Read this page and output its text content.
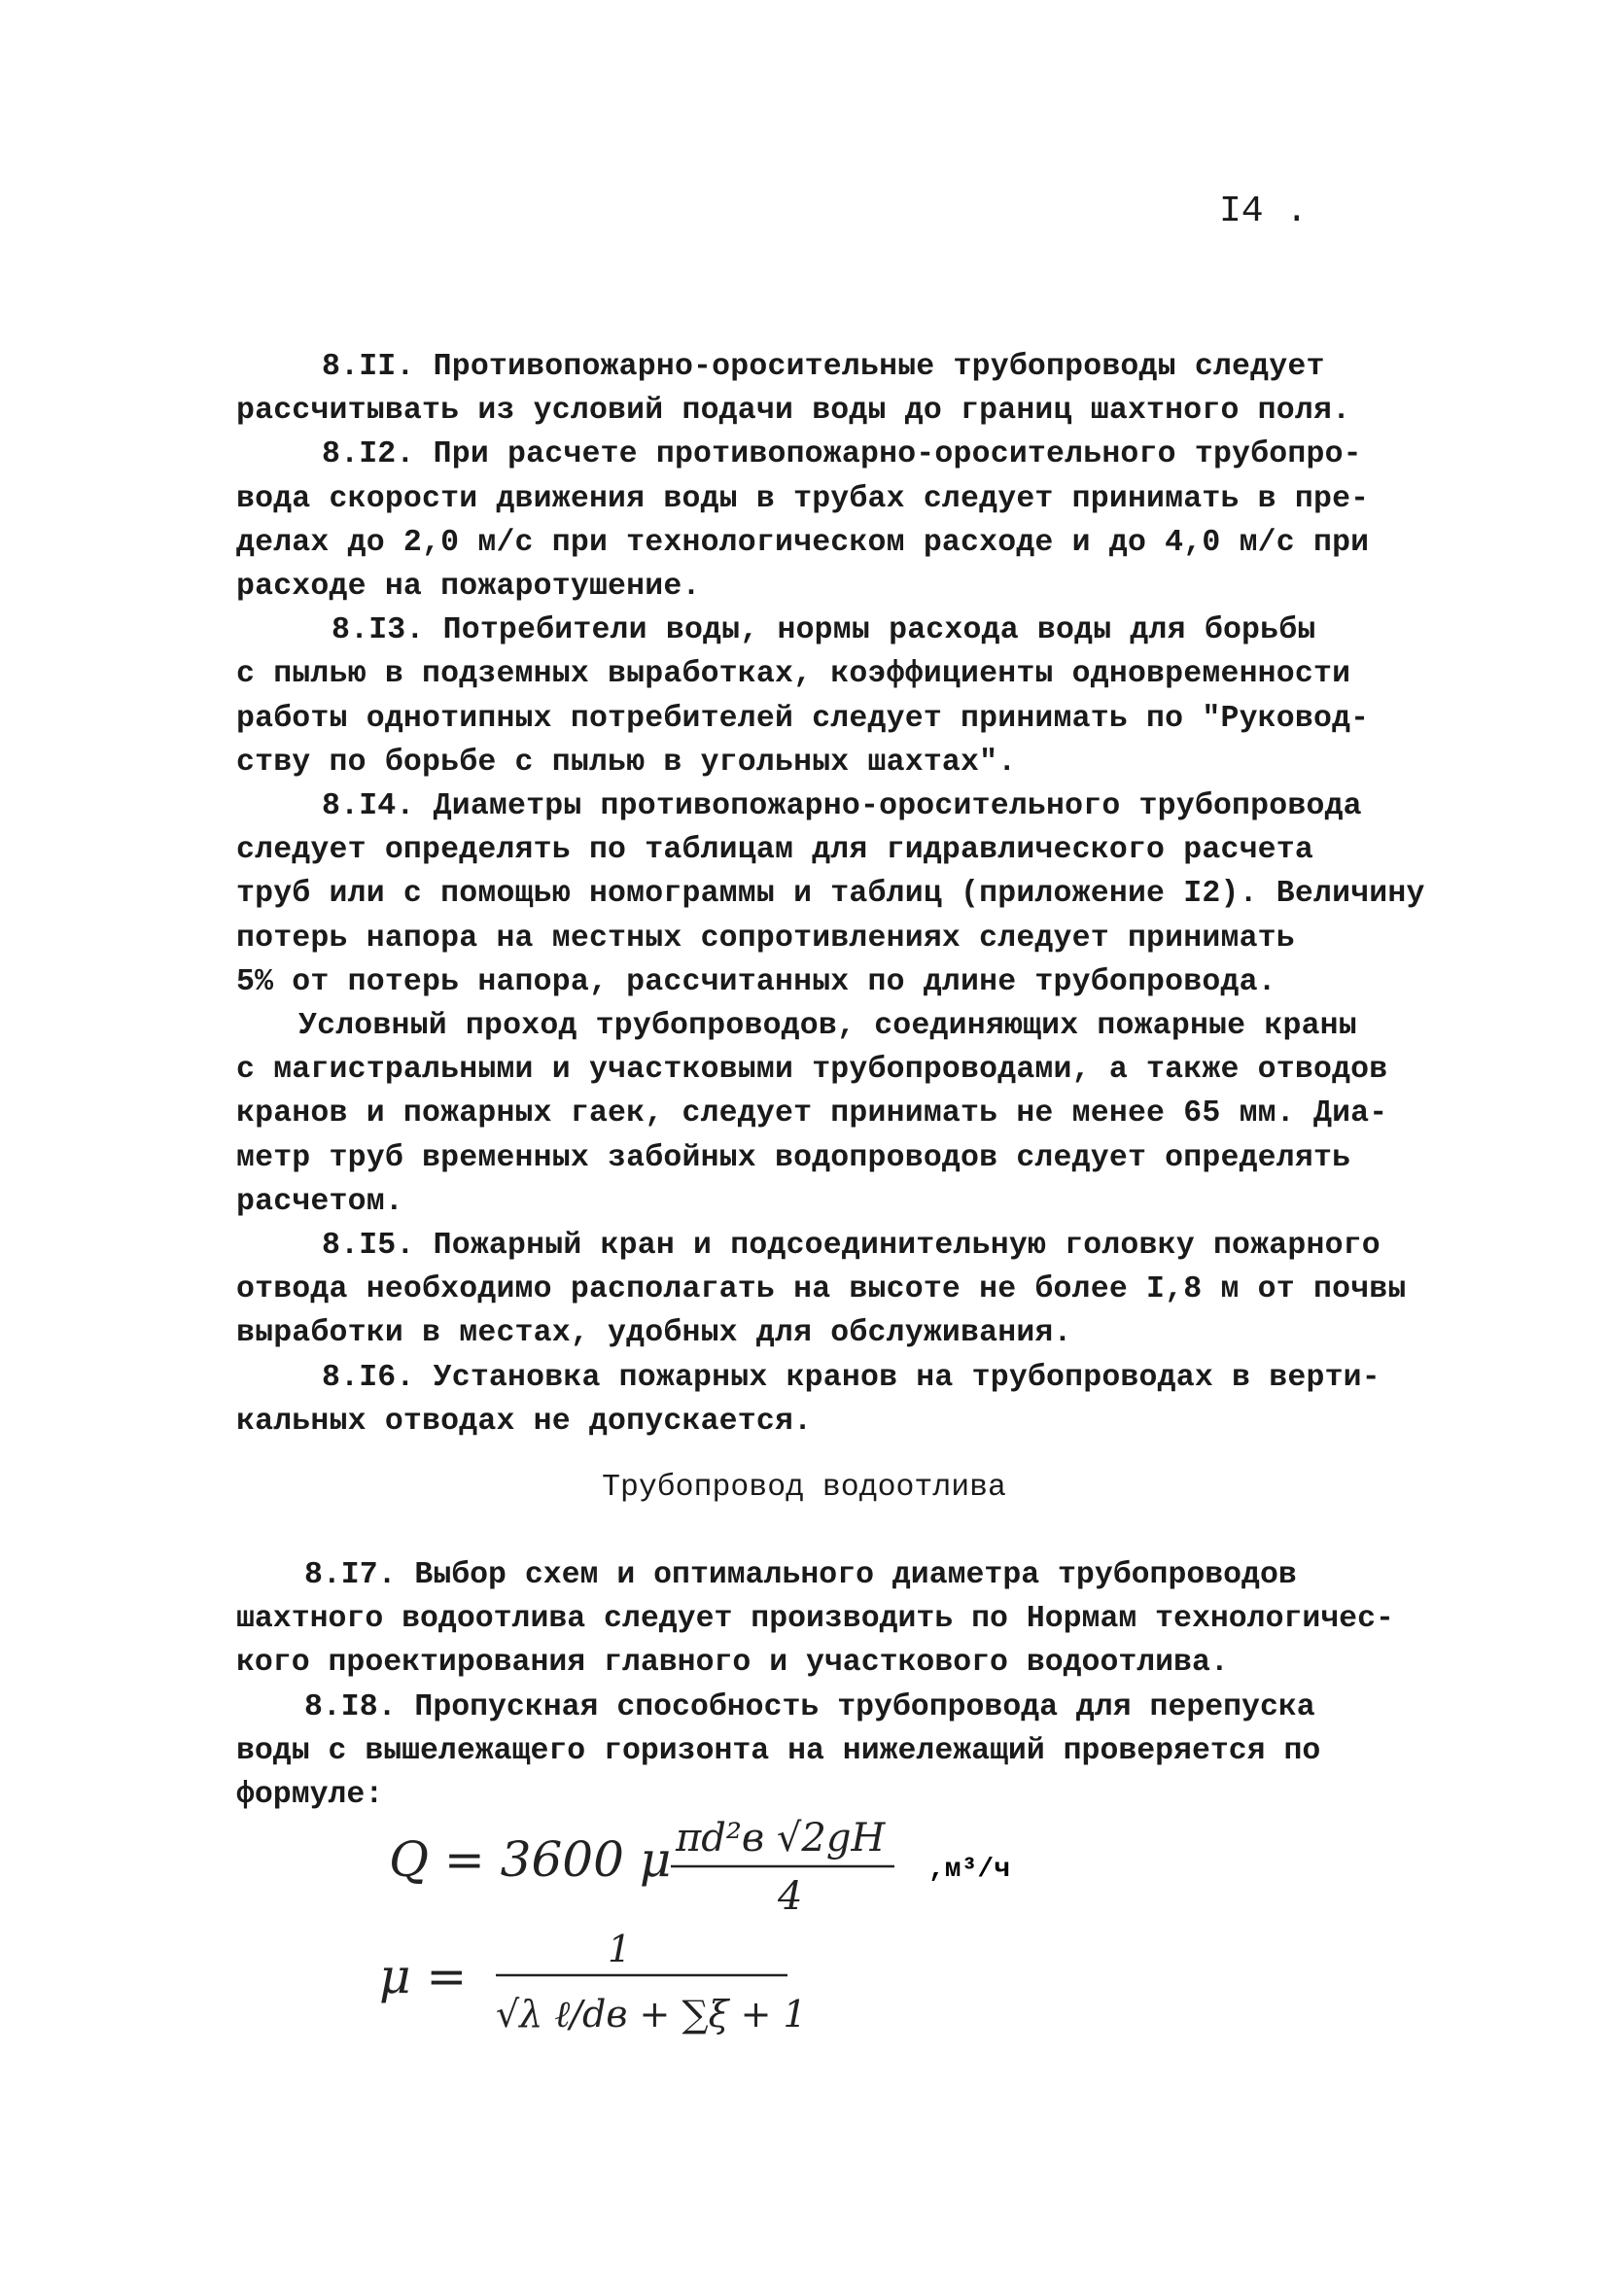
I4 .

8.II. Противопожарно-оросительные трубопроводы следует
рассчитывать из условий подачи воды до границ шахтного поля.

8.I2. При расчете противопожарно-оросительного трубопро-
вода скорости движения воды в трубах следует принимать в пре-
делах до 2,0 м/с при технологическом расходе и до 4,0 м/с при
расходе на пожаротушение.

8.I3. Потребители воды, нормы расхода воды для борьбы
с пылью в подземных выработках, коэффициенты одновременности
работы однотипных потребителей следует принимать по "Руковод-
ству по борьбе с пылью в угольных шахтах".

8.I4. Диаметры противопожарно-оросительного трубопровода
следует определять по таблицам для гидравлического расчета
труб или с помощью номограммы и таблиц (приложение I2). Величину
потерь напора на местных сопротивлениях следует принимать
5% от потерь напора, рассчитанных по длине трубопровода.

Условный проход трубопроводов, соединяющих пожарные краны
с магистральными и участковыми трубопроводами, а также отводов
кранов и пожарных гаек, следует принимать не менее 65 мм. Диа-
метр труб временных забойных водопроводов следует определять
расчетом.

8.I5. Пожарный кран и подсоединительную головку пожарного
отвода необходимо располагать на высоте не более I,8 м от почвы
выработки в местах, удобных для обслуживания.

8.I6. Установка пожарных кранов на трубопроводах в верти-
кальных отводах не допускается.

Трубопровод водоотлива

8.I7. Выбор схем и оптимального диаметра трубопроводов
шахтного водоотлива следует производить по Нормам технологичес-
кого проектирования главного и участкового водоотлива.

8.I8. Пропускная способность трубопровода для перепуска
воды с вышележащего горизонта на нижележащий проверяется по
формуле:

Q = 3600 μ πd²в √2gH
4
,м³/ч
μ =	1
√λ ℓ/dв + ∑ξ + 1
